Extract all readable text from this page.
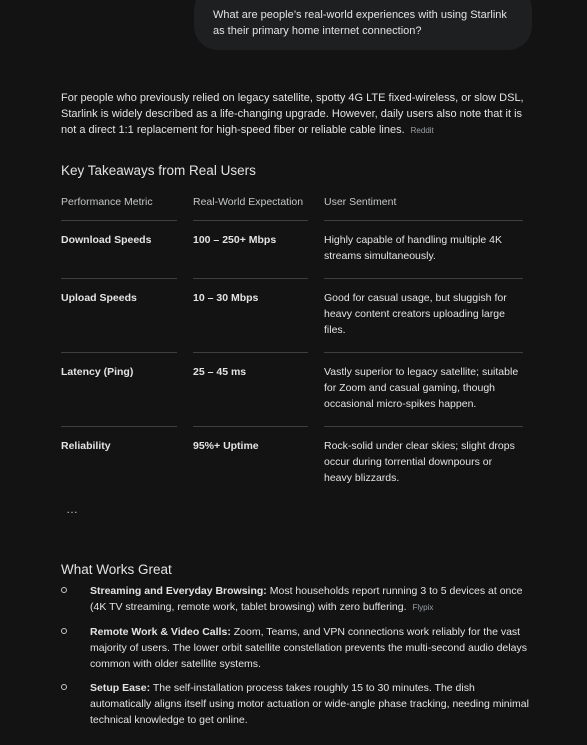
What are people’s real-world experiences with using Starlink as their primary home internet connection?
For people who previously relied on legacy satellite, spotty 4G LTE fixed-wireless, or slow DSL, Starlink is widely described as a life-changing upgrade. However, daily users also note that it is not a direct 1:1 replacement for high-speed fiber or reliable cable lines. Reddit
Key Takeaways from Real Users
Performance Metric	Real-World Expectation	User Sentiment
Download Speeds	100 – 250+ Mbps	Highly capable of handling multiple 4K streams simultaneously.
Upload Speeds	10 – 30 Mbps	Good for casual usage, but sluggish for heavy content creators uploading large files.
Latency (Ping)	25 – 45 ms	Vastly superior to legacy satellite; suitable for Zoom and casual gaming, though occasional micro-spikes happen.
Reliability	95%+ Uptime	Rock-solid under clear skies; slight drops occur during torrential downpours or heavy blizzards.
…
What Works Great
Streaming and Everyday Browsing: Most households report running 3 to 5 devices at once (4K TV streaming, remote work, tablet browsing) with zero buffering. Flypix
Remote Work & Video Calls: Zoom, Teams, and VPN connections work reliably for the vast majority of users. The lower orbit satellite constellation prevents the multi-second audio delays common with older satellite systems.
Setup Ease: The self-installation process takes roughly 15 to 30 minutes. The dish automatically aligns itself using motor actuation or wide-angle phase tracking, needing minimal technical knowledge to get online.
